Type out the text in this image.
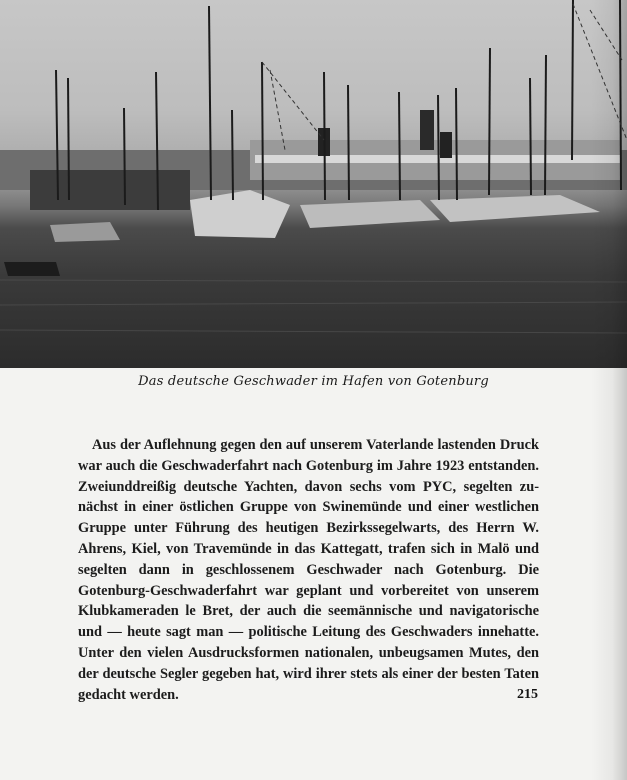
Das deutsche Geschwader im Hafen von Gotenburg

Aus der Auflehnung gegen den auf unserem Vaterlande lastenden Druck war auch die Geschwaderfahrt nach Gotenburg im Jahre 1923 entstanden. Zweiunddreißig deutsche Yachten, davon sechs vom PYC, segelten zunächst in einer östlichen Gruppe von Swinemünde und einer westlichen Gruppe unter Führung des heutigen Bezirkssegelwarts, des Herrn W. Ahrens, Kiel, von Travemünde in das Kattegatt, trafen sich in Malö und segelten dann in geschlossenem Geschwader nach Gotenburg. Die Gotenburg-Geschwaderfahrt war geplant und vorbereitet von unserem Klubkameraden le Bret, der auch die seemännische und navigatorische und — heute sagt man — politische Leitung des Geschwaders innehatte. Unter den vielen Ausdrucksformen nationalen, unbeugsamen Mutes, den der deutsche Segler gegeben hat, wird ihrer stets als einer der besten Taten gedacht werden.	215
